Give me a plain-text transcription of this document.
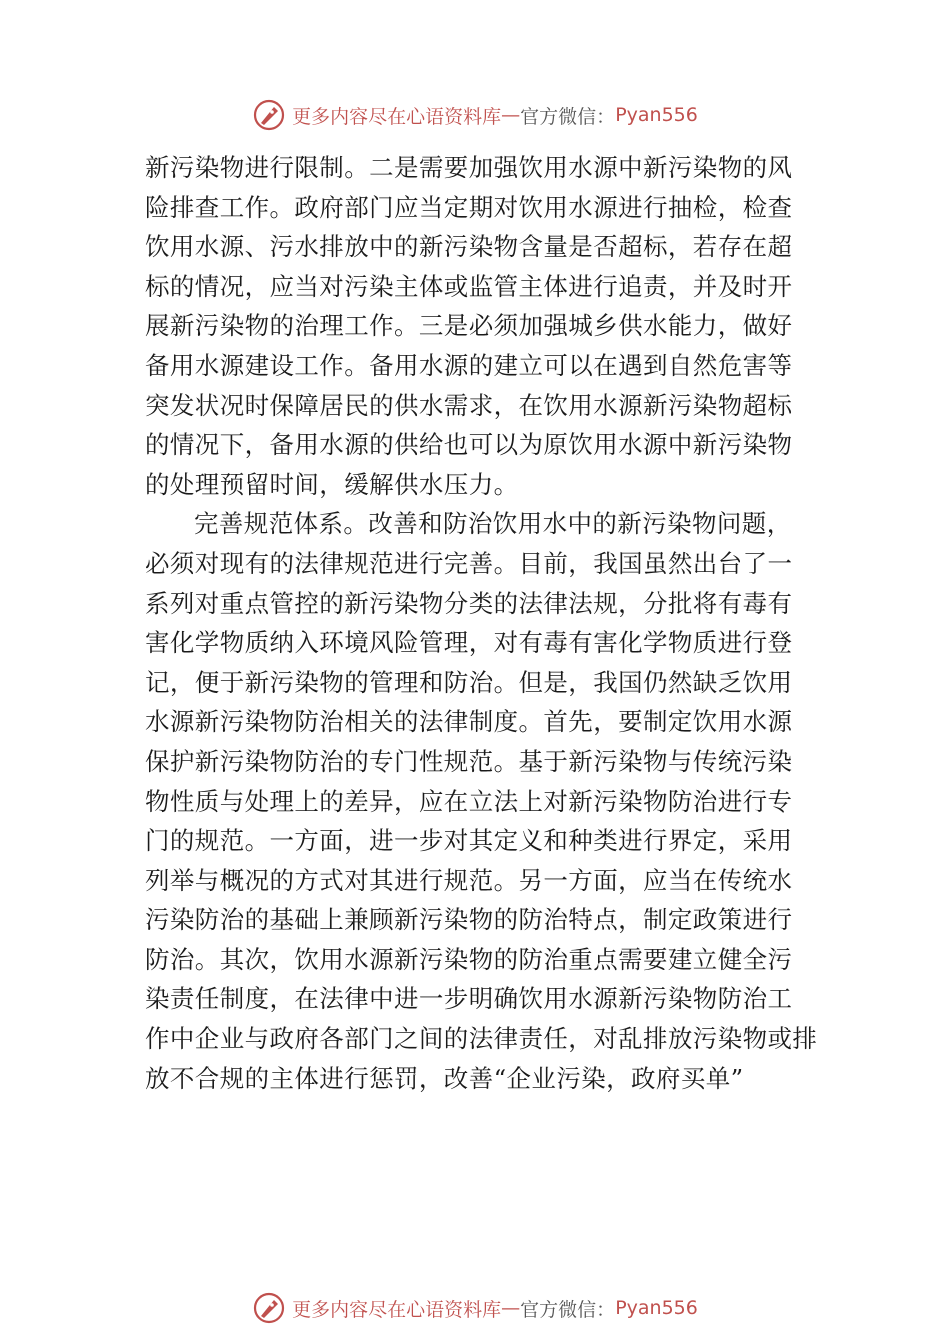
更多内容尽在心语资料库 — 官方微信： Pyan556
新污染物进行限制。二是需要加强饮用水源中新污染物的风
险排查工作。政府部门应当定期对饮用水源进行抽检，检查
饮用水源、污水排放中的新污染物含量是否超标，若存在超
标的情况，应当对污染主体或监管主体进行追责，并及时开
展新污染物的治理工作。三是必须加强城乡供水能力，做好
备用水源建设工作。备用水源的建立可以在遇到自然危害等
突发状况时保障居民的供水需求，在饮用水源新污染物超标
的情况下，备用水源的供给也可以为原饮用水源中新污染物
的处理预留时间，缓解供水压力。
完善规范体系。改善和防治饮用水中的新污染物问题，
必须对现有的法律规范进行完善。目前，我国虽然出台了一
系列对重点管控的新污染物分类的法律法规，分批将有毒有
害化学物质纳入环境风险管理，对有毒有害化学物质进行登
记，便于新污染物的管理和防治。但是，我国仍然缺乏饮用
水源新污染物防治相关的法律制度。首先，要制定饮用水源
保护新污染物防治的专门性规范。基于新污染物与传统污染
物性质与处理上的差异，应在立法上对新污染物防治进行专
门的规范。一方面，进一步对其定义和种类进行界定，采用
列举与概况的方式对其进行规范。另一方面，应当在传统水
污染防治的基础上兼顾新污染物的防治特点，制定政策进行
防治。其次，饮用水源新污染物的防治重点需要建立健全污
染责任制度，在法律中进一步明确饮用水源新污染物防治工
作中企业与政府各部门之间的法律责任，对乱排放污染物或排
放不合规的主体进行惩罚，改善“企业污染，政府买单”
更多内容尽在心语资料库 — 官方微信： Pyan556
